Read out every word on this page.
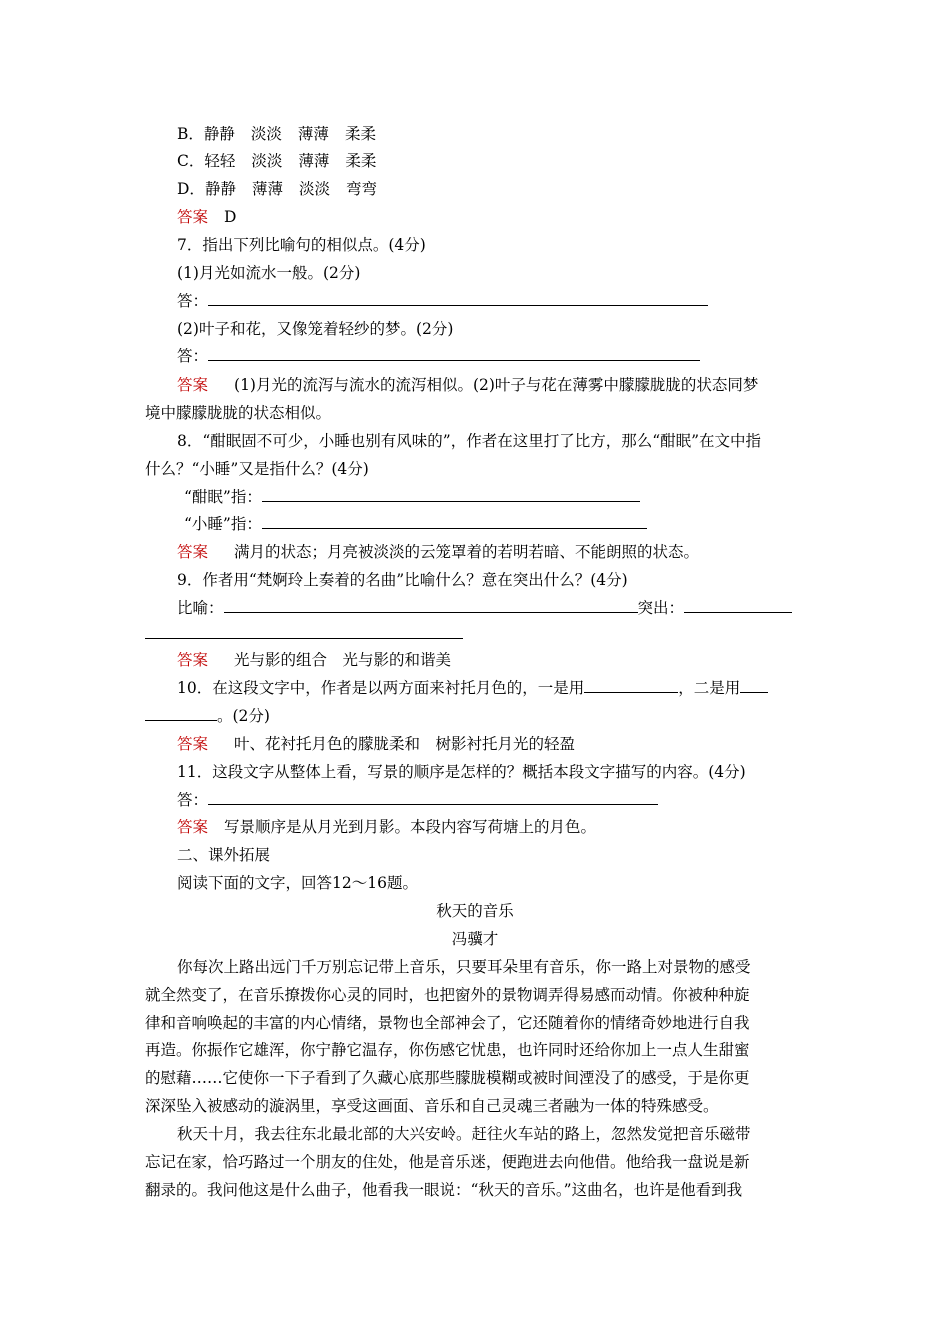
B．静静 淡淡 薄薄 柔柔
C．轻轻 淡淡 薄薄 柔柔
D．静静 薄薄 淡淡 弯弯
答案 D
7．指出下列比喻句的相似点。(4分)
(1)月光如流水一般。(2分)
答：
(2)叶子和花，又像笼着轻纱的梦。(2分)
答：
答案 (1)月光的流泻与流水的流泻相似。(2)叶子与花在薄雾中朦朦胧胧的状态同梦
境中朦朦胧胧的状态相似。
8．“酣眠固不可少，小睡也别有风味的”，作者在这里打了比方，那么“酣眠”在文中指
什么？“小睡”又是指什么？(4分)
“酣眠”指：
“小睡”指：
答案 满月的状态；月亮被淡淡的云笼罩着的若明若暗、不能朗照的状态。
9．作者用“梵婀玲上奏着的名曲”比喻什么？意在突出什么？(4分)
比喻：	突出：
答案 光与影的组合　光与影的和谐美
10．在这段文字中，作者是以两方面来衬托月色的，一是用	，二是用
。(2分)
答案 叶、花衬托月色的朦胧柔和　树影衬托月光的轻盈
11．这段文字从整体上看，写景的顺序是怎样的？概括本段文字描写的内容。(4分)
答：
答案 写景顺序是从月光到月影。本段内容写荷塘上的月色。
二、课外拓展
阅读下面的文字，回答12～16题。
秋天的音乐
冯骥才
你每次上路出远门千万别忘记带上音乐，只要耳朵里有音乐，你一路上对景物的感受
就全然变了，在音乐撩拨你心灵的同时，也把窗外的景物调弄得易感而动情。你被种种旋
律和音响唤起的丰富的内心情绪，景物也全部神会了，它还随着你的情绪奇妙地进行自我
再造。你振作它雄浑，你宁静它温存，你伤感它忧患，也许同时还给你加上一点人生甜蜜
的慰藉……它使你一下子看到了久藏心底那些朦胧模糊或被时间湮没了的感受，于是你更
深深坠入被感动的漩涡里，享受这画面、音乐和自己灵魂三者融为一体的特殊感受。
秋天十月，我去往东北最北部的大兴安岭。赶往火车站的路上，忽然发觉把音乐磁带
忘记在家，恰巧路过一个朋友的住处，他是音乐迷，便跑进去向他借。他给我一盘说是新
翻录的。我问他这是什么曲子，他看我一眼说：“秋天的音乐。”这曲名，也许是他看到我
